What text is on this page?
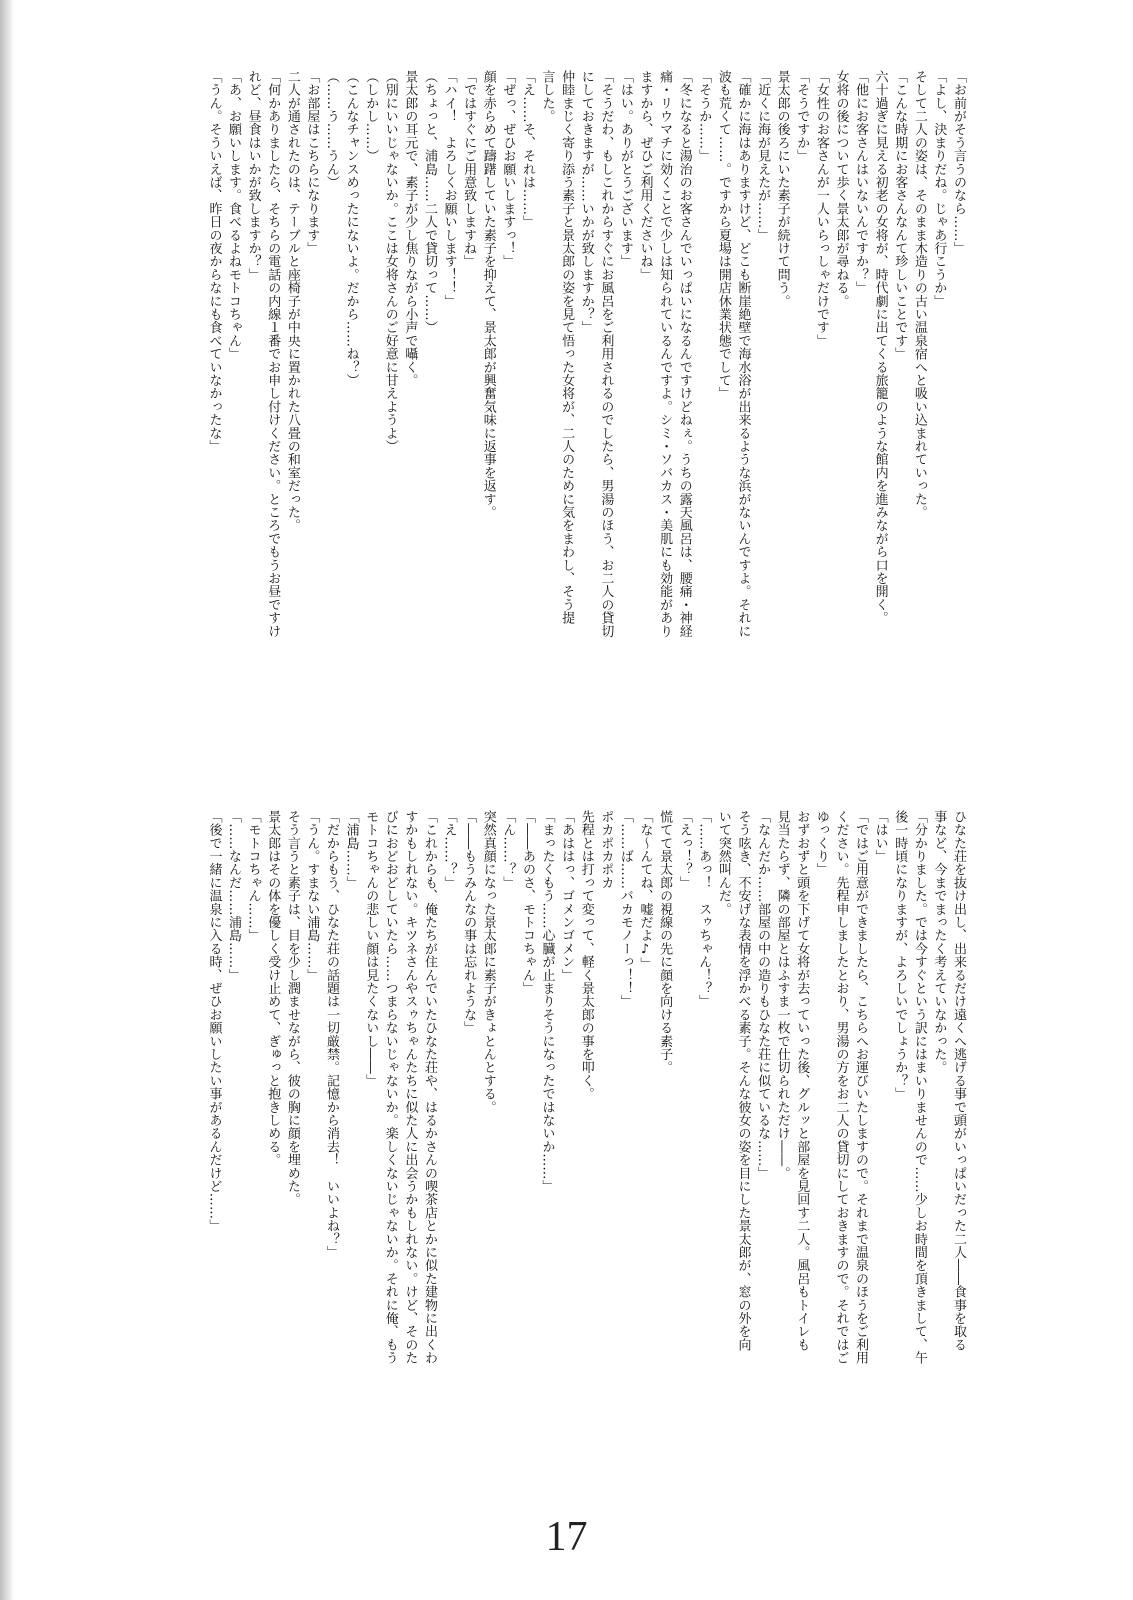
「お前がそう言うのなら……」
「よし、決まりだね。じゃあ行こうか」
そして二人の姿は、そのまま木造りの古い温泉宿へと吸い込まれていった。
「こんな時期にお客さんなんて珍しいことです」
六十過ぎに見える初老の女将が、時代劇に出てくる旅籠のような館内を進みながら口を開く。
「他にお客さんはいないんですか？」
女将の後について歩く景太郎が尋ねる。
「女性のお客さんが一人いらっしゃだけです」
「そうですか」
景太郎の後ろにいた素子が続けて問う。
「近くに海が見えたが……」
「確かに海はありますけど、どこも断崖絶壁で海水浴が出来るような浜がないんですよ。それに
波も荒くて……。ですから夏場は開店休業状態でして」
「そうか……」
「冬になると湯治のお客さんでいっぱいになるんですけどねぇ。うちの露天風呂は、腰痛・神経
痛・リウマチに効くことで少しは知られているんですよ。シミ・ソバカス・美肌にも効能があり
ますから、ぜひご利用くださいね」
「はい。ありがとうございます」
「そうだわ、もしこれからすぐにお風呂をご利用されるのでしたら、男湯のほう、お二人の貸切
にしておきますが……いかが致しますか？」
仲睦まじく寄り添う素子と景太郎の姿を見て悟った女将が、二人のために気をまわし、そう提
言した。
「え……そ、それは……」
「ぜっ、ぜひお願いしますっ！」
顔を赤らめて躊躇していた素子を抑えて、景太郎が興奮気味に返事を返す。
「ではすぐにご用意致しますね」
「ハイ！　よろしくお願いします！！」
（ちょっと、浦島……二人で貸切って……）
景太郎の耳元で、素子が少し焦りながら小声で囁く。
（別にいいじゃないか。ここは女将さんのご好意に甘えようよ）
（しかし……）
（こんなチャンスめったにないよ。だから……ね？）
（……う……うん）
「お部屋はこちらになります」
二人が通されたのは、テーブルと座椅子が中央に置かれた八畳の和室だった。
「何かありましたら、そちらの電話の内線１番でお申し付けください。ところでもうお昼ですけ
れど、昼食はいかが致しますか？」
「あ、お願いします。食べるよねモトコちゃん」
「うん。そういえば、昨日の夜からなにも食べていなかったな」
ひなた荘を抜け出し、出来るだけ遠くへ逃げる事で頭がいっぱいだった二人――食事を取る
事など、今までまったく考えていなかった。
「分かりました。では今すぐという訳にはまいりませんので……少しお時間を頂きまして、午
後一時頃になりますが、よろしいでしょうか？」
「はい」
「ではご用意ができましたら、こちらへお運びいたしますので。それまで温泉のほうをご利用
ください。先程申しましたとおり、男湯の方をお二人の貸切にしておきますので。それではご
ゆっくり」
おずおずと頭を下げて女将が去っていった後、グルッと部屋を見回す二人。風呂もトイレも
見当たらず、隣の部屋とはふすま一枚で仕切られただけ――。
「なんだか……部屋の中の造りもひなた荘に似ているな……」
そう呟き、不安げな表情を浮かべる素子。そんな彼女の姿を目にした景太郎が、窓の外を向
いて突然叫んだ。
「……あっ！　スゥちゃん！？」
「えっ！？」
慌てて景太郎の視線の先に顔を向ける素子。
「な～んてね、嘘だよ♪」
「……ば……バカモノーっ！！」
ポカポカポカ
先程とは打って変って、軽く景太郎の事を叩く。
「あははっ、ゴメンゴメン」
「まったくもう……心臓が止まりそうになったではないか……」
「――あのさ、モトコちゃん」
「ん……？」
突然真顔になった景太郎に素子がきょとんとする。
「――もうみんなの事は忘れような」
「え……？」
「これからも、俺たちが住んでいたひなた荘や、はるかさんの喫茶店とかに似た建物に出くわ
すかもしれない。キツネさんやスゥちゃんたちに似た人に出会うかもしれない。けど、そのた
びにおどおどしていたら……つまらないじゃないか。楽しくないじゃないか。それに俺、もう
モトコちゃんの悲しい顔は見たくないし――」
「浦島……」
「だからもう、ひなた荘の話題は一切厳禁。記憶から消去！　いいよね？」
「うん。すまない浦島……」
そう言うと素子は、目を少し潤ませながら、彼の胸に顔を埋めた。
景太郎はその体を優しく受け止めて、ぎゅっと抱きしめる。
「モトコちゃん……」
「……なんだ……浦島……」
「後で一緒に温泉に入る時、ぜひお願いしたい事があるんだけど……」
17
